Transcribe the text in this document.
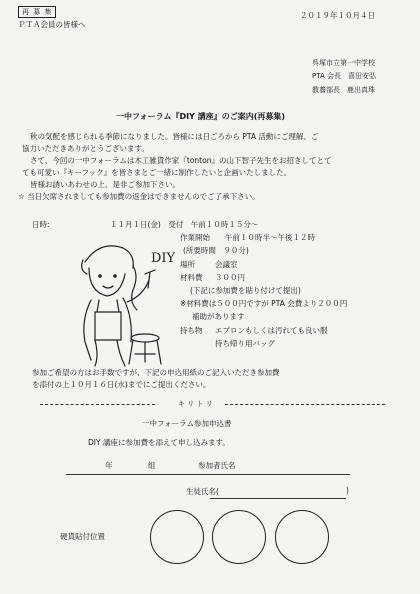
再 募 集
ＰＴＡ会員の皆様へ
２０１９年１０月４日
呉塚市立第一中学校
PTA 会長　喜田安弘
教養部長　鹿出真珠
一中フォーラム『DIY 講座』のご案内(再募集)
秋の気配を感じられる季節になりました。皆様には日ごろから PTA 活動にご理解、ご
協力いただきありがとうございます。
さて、今回の一中フォーラムは木工雑貨作家『tonton』の山下智子先生をお招きしてとて
ても可愛い『キーフック』を皆さまとご一緒に制作したいと企画いたしました。
皆様お誘いあわせの上、是非ご参加下さい。
☆ 当日欠席されましても参加費の返金はできませんのでご了承下さい。
日時:	１１月１日(金)　受付　午前１０時１５分～
作業開始 午前１０時半～午後１２時
(所要時間　９０分)
場所	会議室
材料費 ３００円
(下記に参加費を貼り付けて提出)
※材料費は５００円ですが PTA 会費より２００円
補助があります
持ち物 エプロンもしくは汚れても良い服
持ち帰り用バッグ
DIY
参加ご希望の方はお手数ですが、下記の申込用紙のご記入いただき参加費
を添付の上１０月１６日(水)までにご提出ください。
キ リ ト リ
一中フォーラム参加申込書
DIY 講座に参加費を添えて申し込みます。
年	組	参加者氏名
生徒氏名(	)
硬貨貼付位置
